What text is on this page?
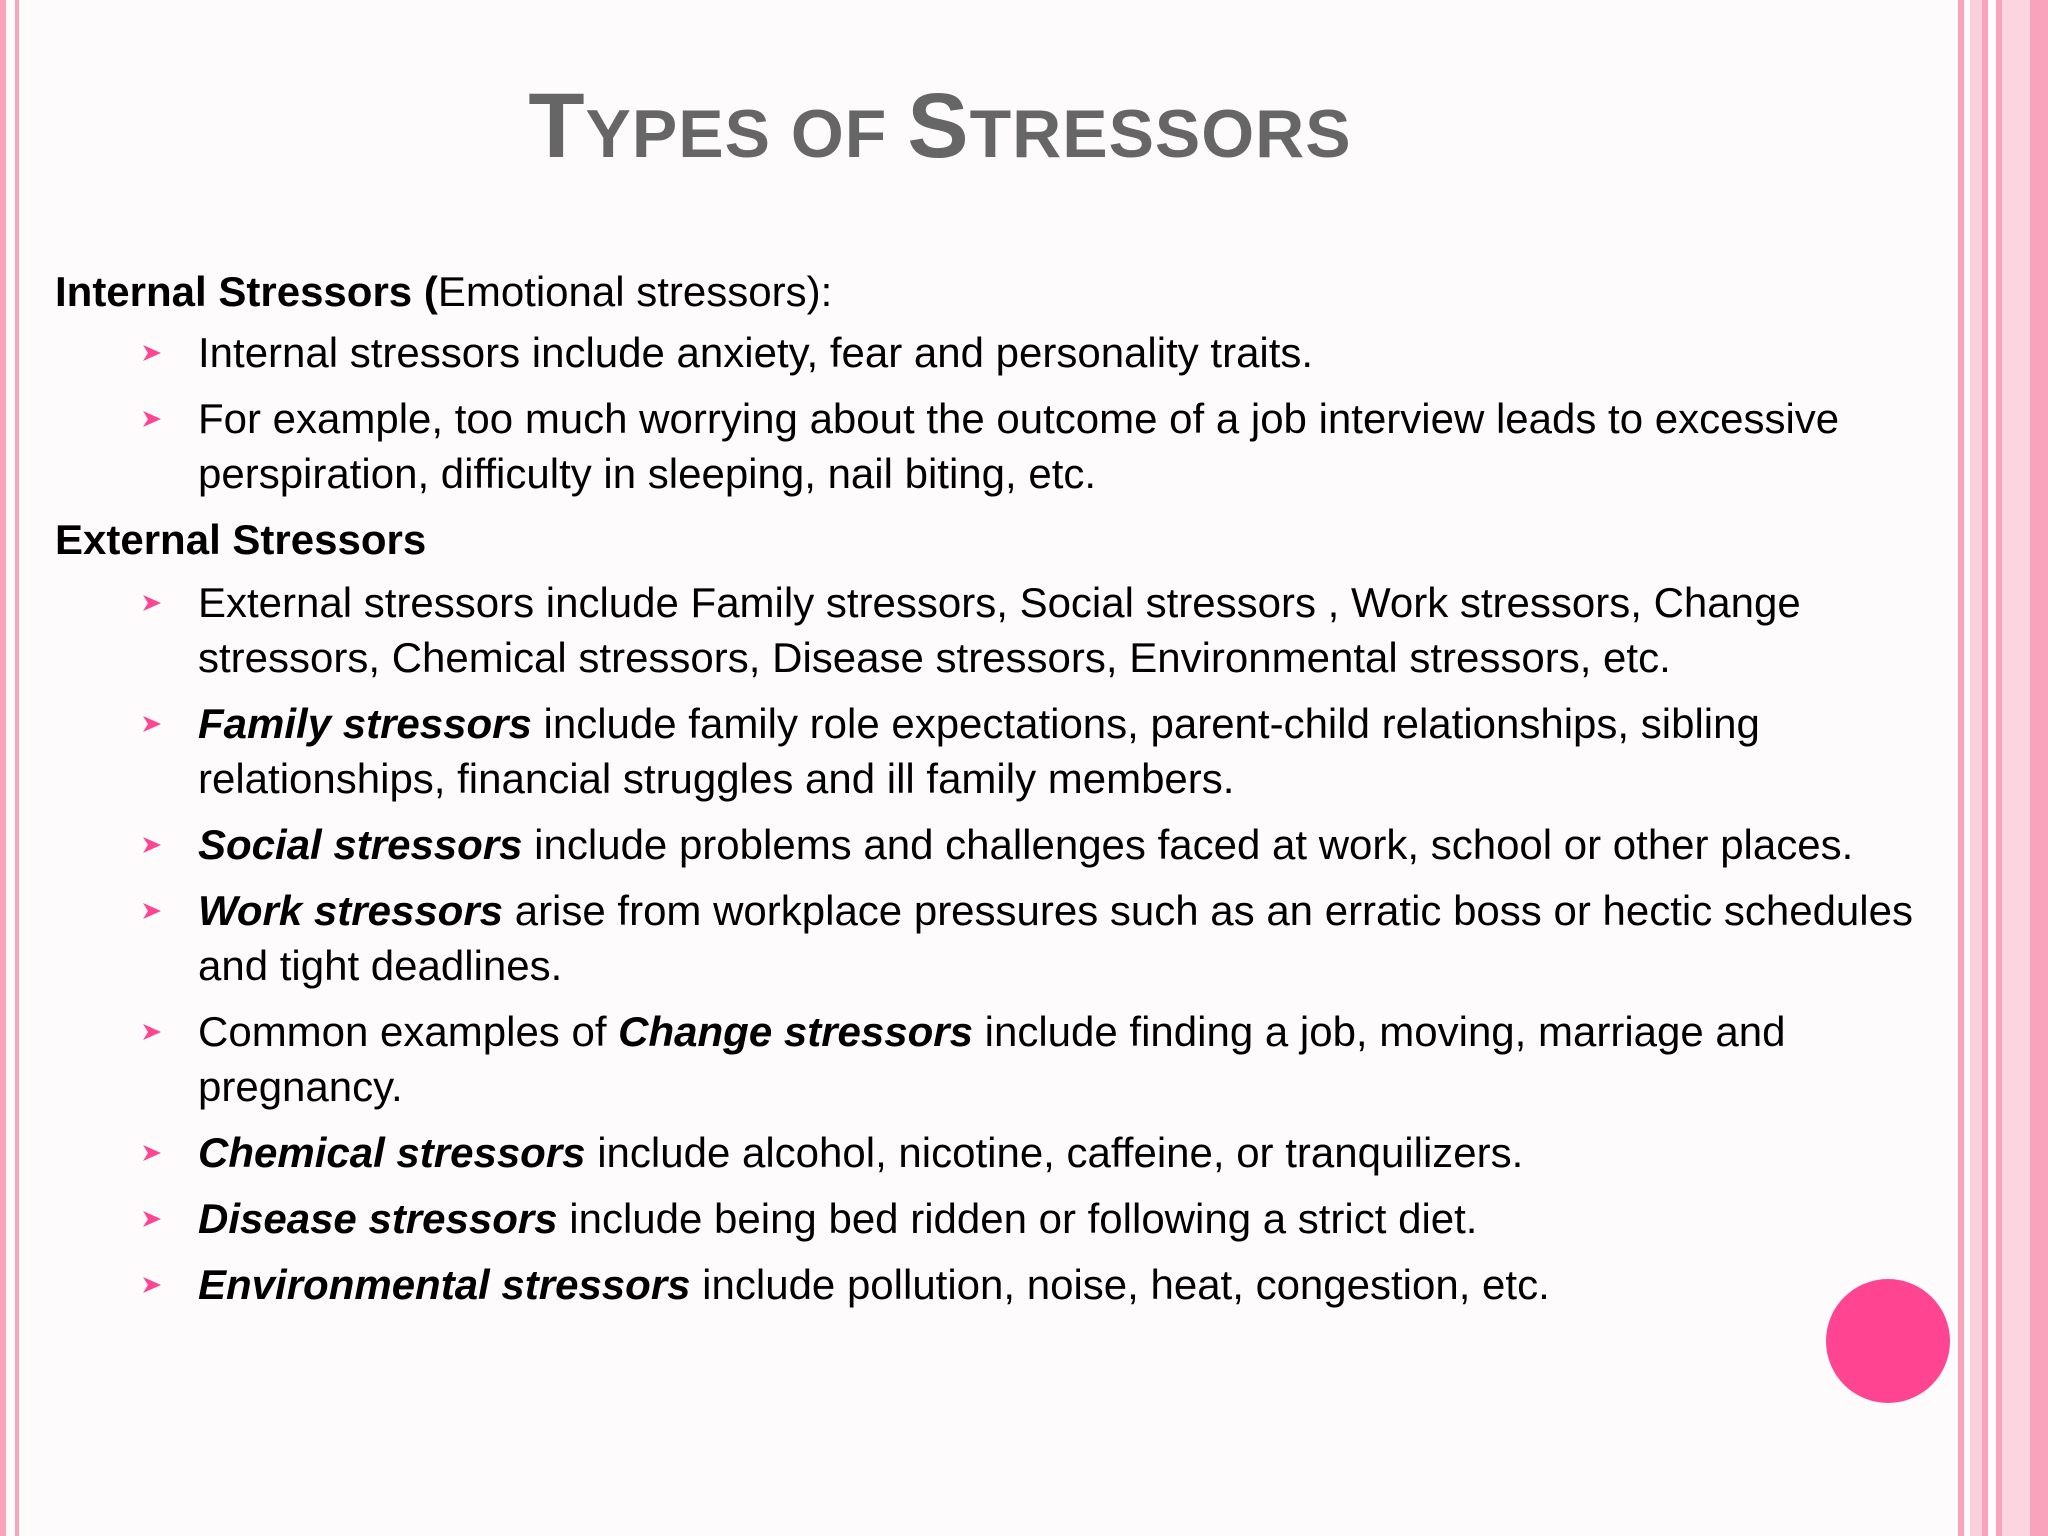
TYPES OF STRESSORS

Internal Stressors (Emotional stressors):

Internal stressors include anxiety, fear and personality traits.
For example, too much worrying about the outcome of a job interview leads to excessive perspiration, difficulty in sleeping, nail biting, etc.

External Stressors

External stressors include Family stressors, Social stressors , Work stressors, Change stressors, Chemical stressors, Disease stressors, Environmental stressors, etc.
Family stressors include family role expectations, parent-child relationships, sibling relationships, financial struggles and ill family members.
Social stressors include problems and challenges faced at work, school or other places.
Work stressors arise from workplace pressures such as an erratic boss or hectic schedules and tight deadlines.
Common examples of Change stressors include finding a job, moving, marriage and pregnancy.
Chemical stressors include alcohol, nicotine, caffeine, or tranquilizers.
Disease stressors include being bed ridden or following a strict diet.
Environmental stressors include pollution, noise, heat, congestion, etc.
